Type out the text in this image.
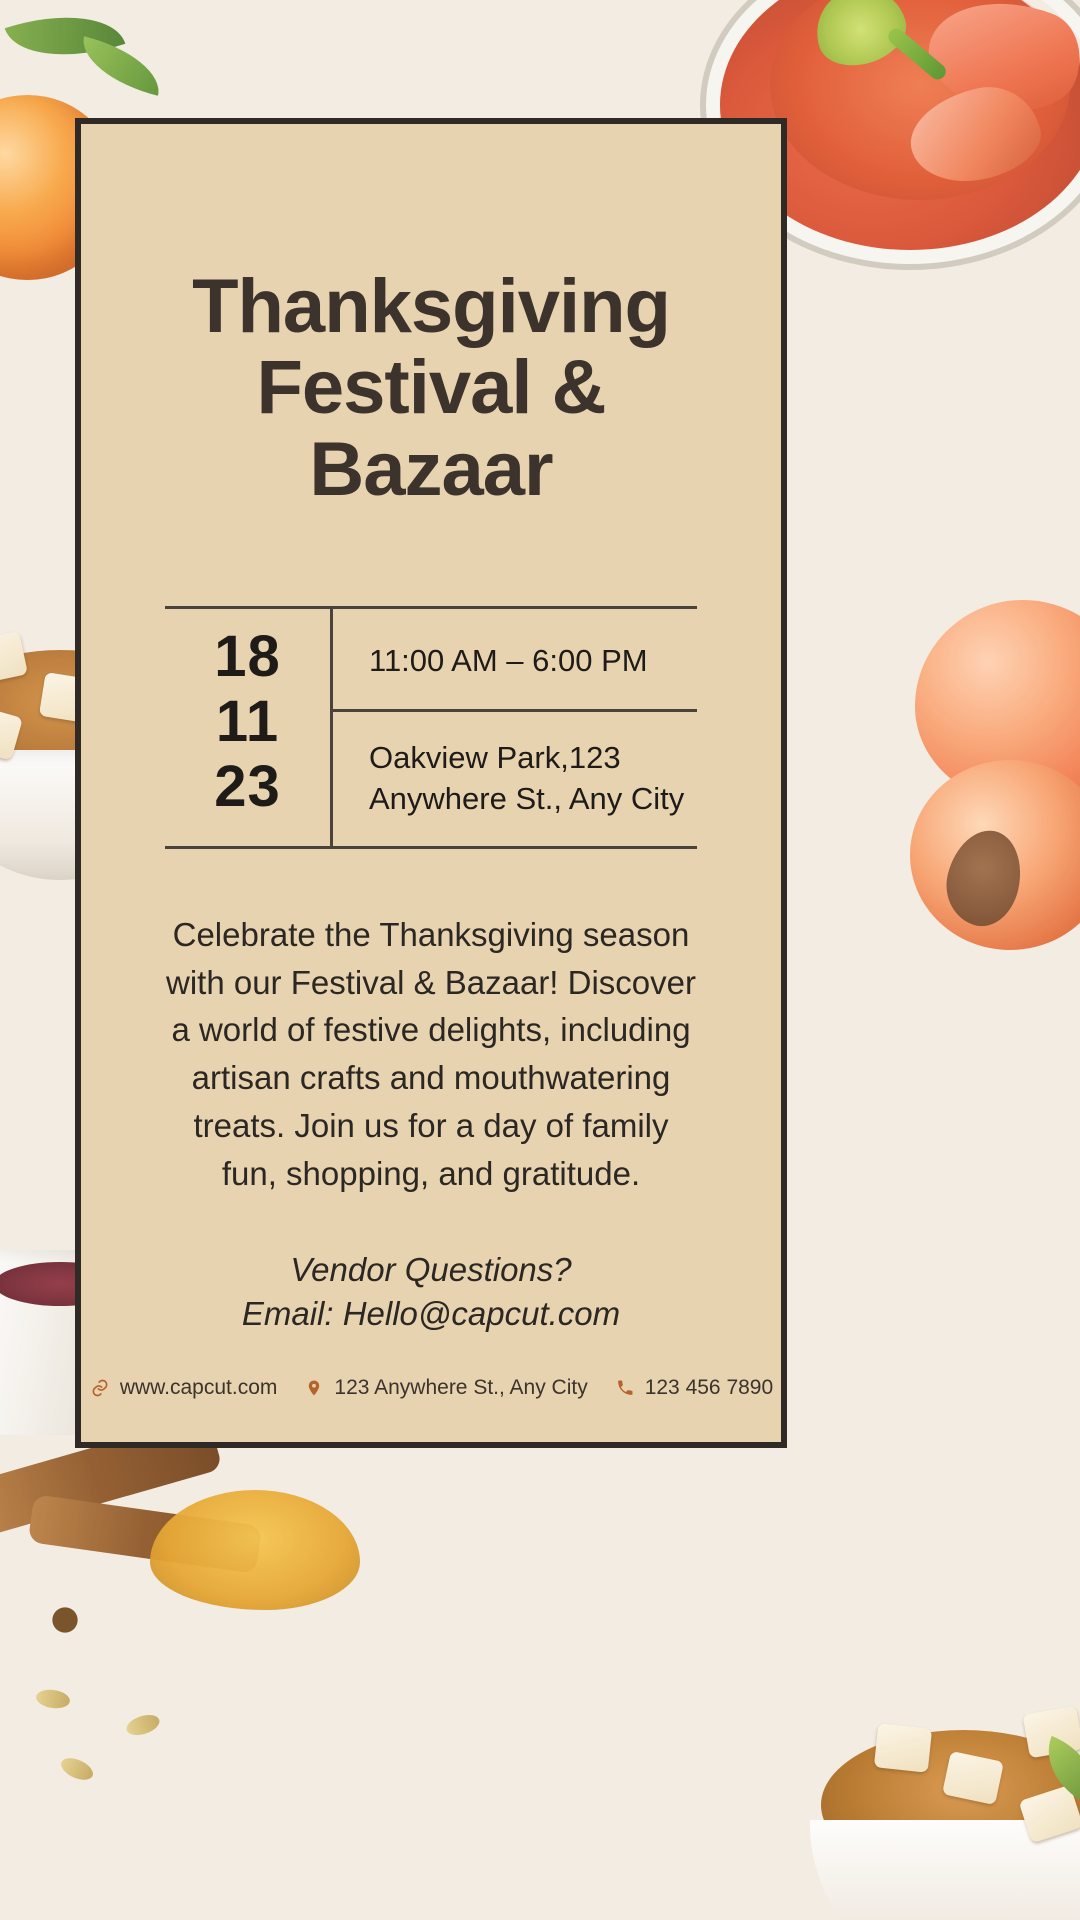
Thanksgiving
Festival &
Bazaar
18
11
23
11:00 AM – 6:00 PM
Oakview Park,123
Anywhere St., Any City
Celebrate the Thanksgiving season with our Festival & Bazaar! Discover a world of festive delights, including artisan crafts and mouthwatering treats. Join us for a day of family fun, shopping, and gratitude.
Vendor Questions?
Email: Hello@capcut.com
www.capcut.com	123 Anywhere St., Any City	123 456 7890
